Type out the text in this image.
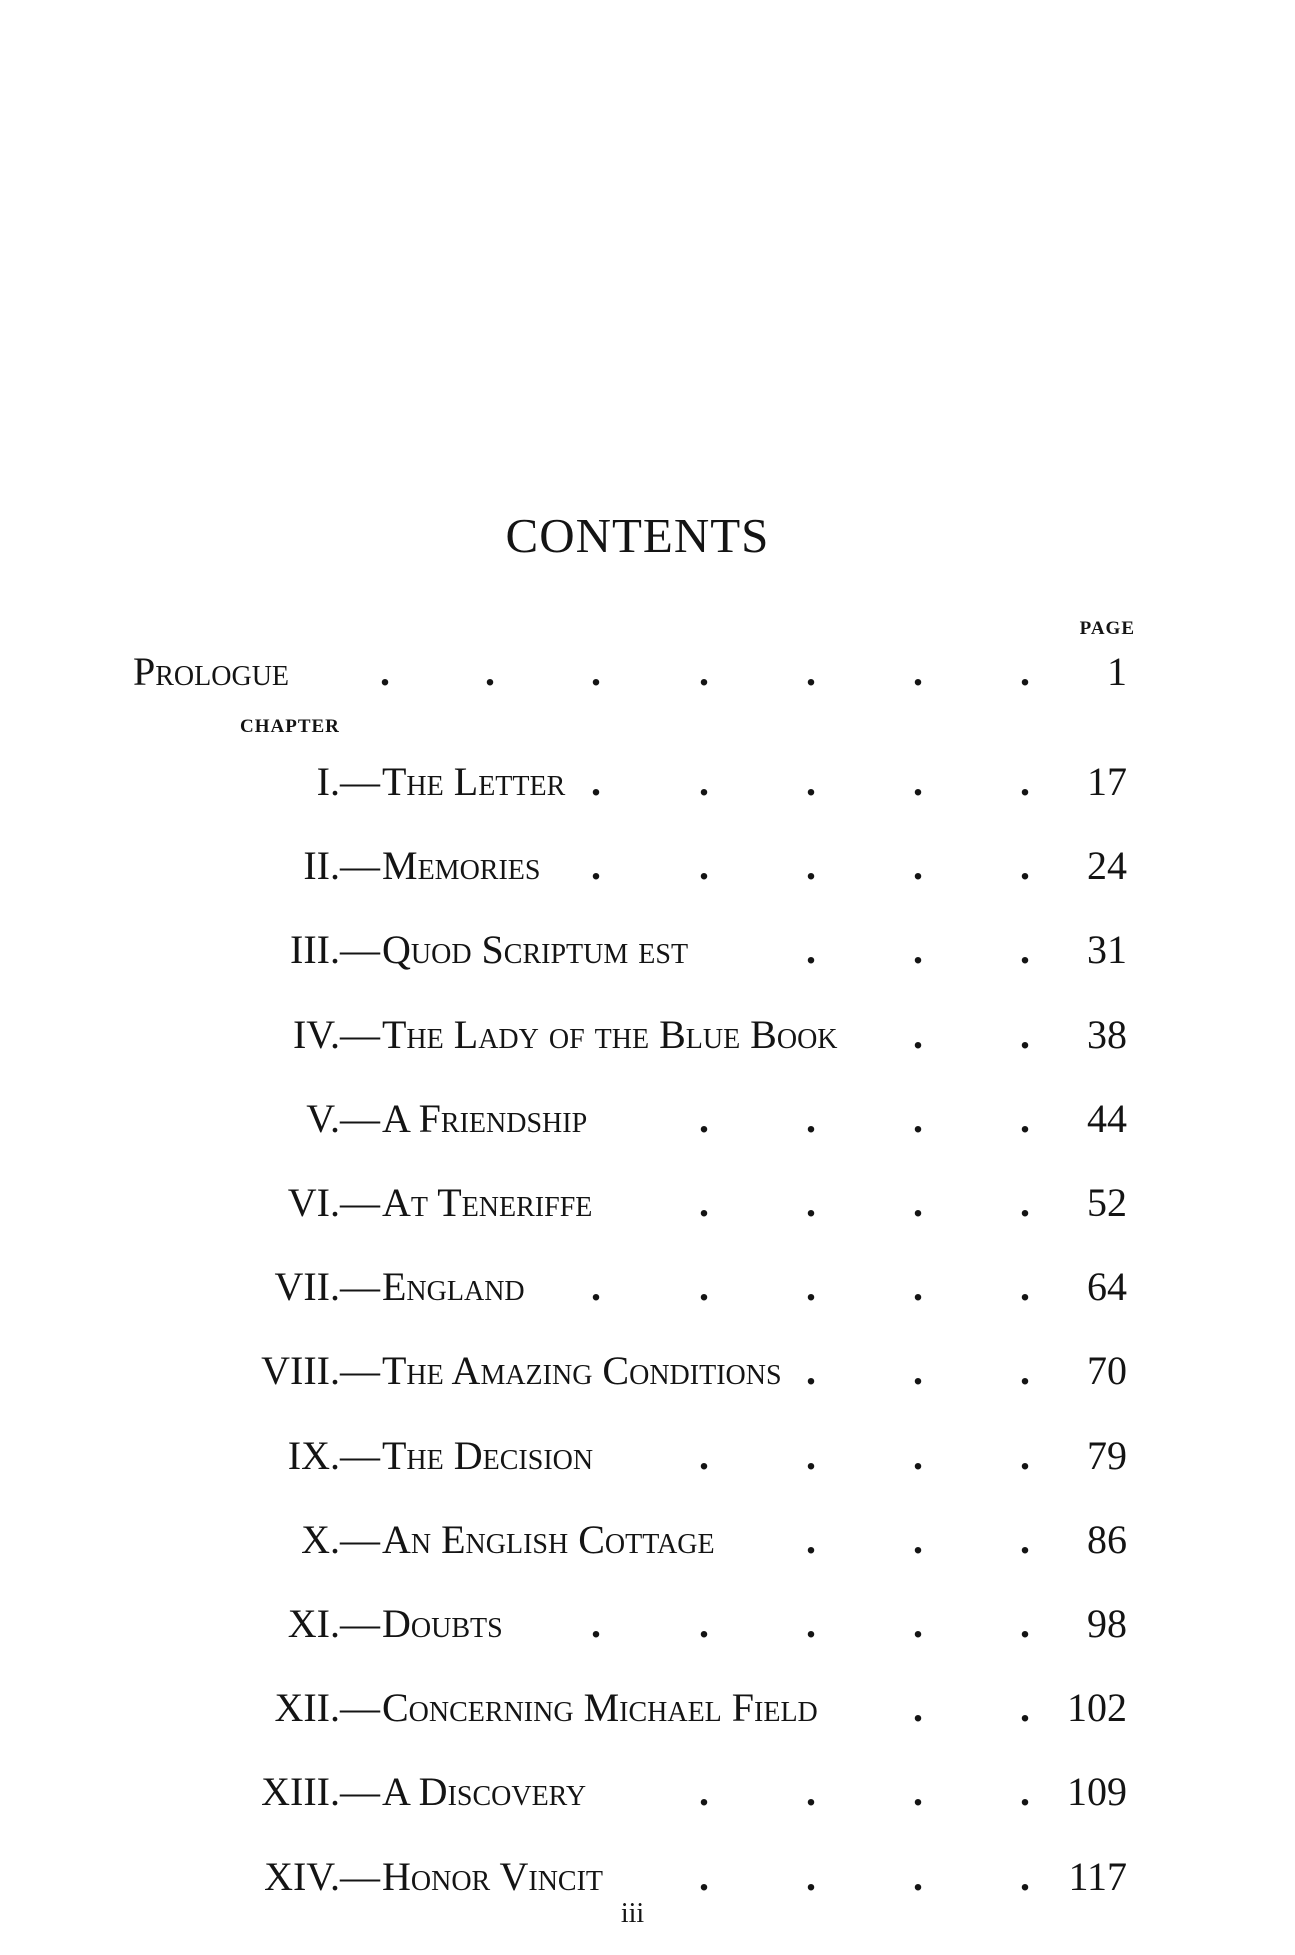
CONTENTS
PAGE
Prologue . . . . . . . 1
CHAPTER
I.— The Letter . . . . . 17
II.— Memories . . . . . 24
III.— Quod Scriptum est	. . . 31
IV.— The Lady of the Blue Book . . 38
V.— A Friendship	. . . . 44
VI.— At Teneriffe	. . . . 52
VII.— England . . . . . 64
VIII.— The Amazing Conditions . . . 70
IX.— The Decision	. . . . 79
X.— An English Cottage . . . 86
XI.— Doubts . . . . . 98
XII.— Concerning Michael Field . . 102
XIII.— A Discovery	. . . . 109
XIV.— Honor Vincit . . . . 117
iii
